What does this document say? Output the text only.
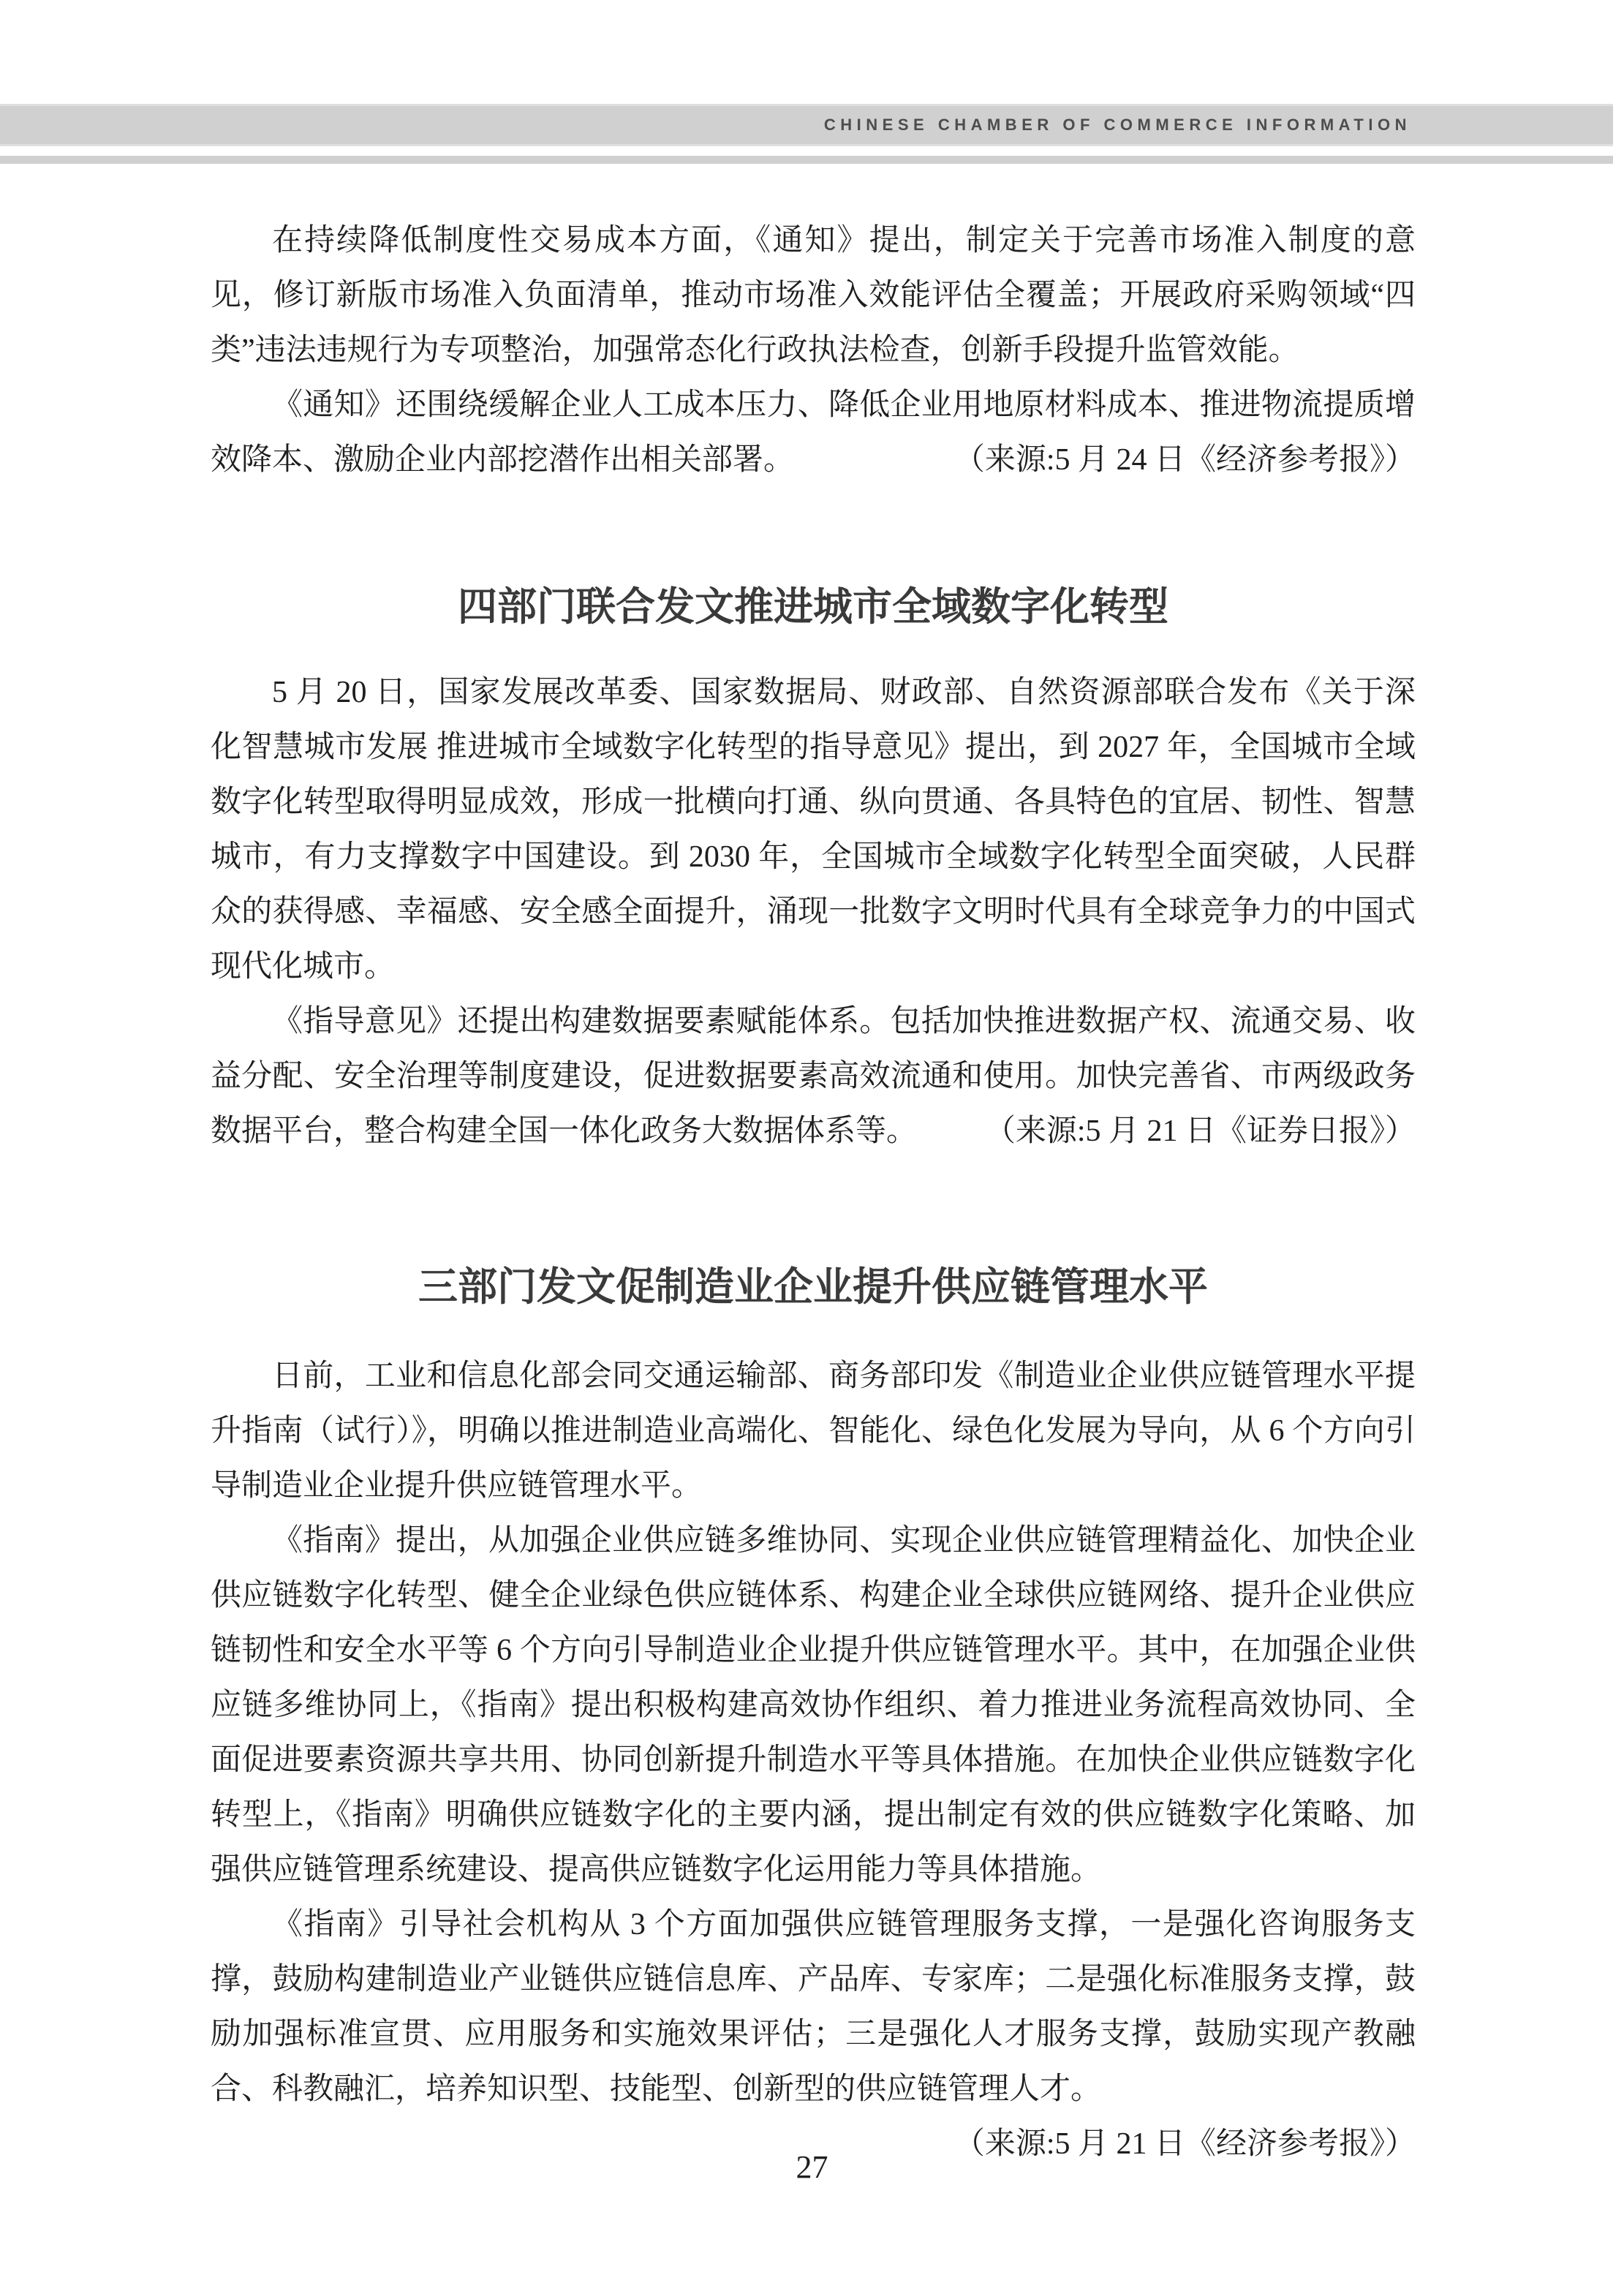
CHINESE CHAMBER OF COMMERCE INFORMATION

在持续降低制度性交易成本方面，《通知》提出，制定关于完善市场准入制度的意见，修订新版市场准入负面清单，推动市场准入效能评估全覆盖；开展政府采购领域“四类”违法违规行为专项整治，加强常态化行政执法检查，创新手段提升监管效能。

《通知》还围绕缓解企业人工成本压力、降低企业用地原材料成本、推进物流提质增效降本、激励企业内部挖潜作出相关部署。	（来源:5 月 24 日《经济参考报》）

四部门联合发文推进城市全域数字化转型

5 月 20 日，国家发展改革委、国家数据局、财政部、自然资源部联合发布《关于深化智慧城市发展 推进城市全域数字化转型的指导意见》提出，到 2027 年，全国城市全域数字化转型取得明显成效，形成一批横向打通、纵向贯通、各具特色的宜居、韧性、智慧城市，有力支撑数字中国建设。到 2030 年，全国城市全域数字化转型全面突破，人民群众的获得感、幸福感、安全感全面提升，涌现一批数字文明时代具有全球竞争力的中国式现代化城市。

《指导意见》还提出构建数据要素赋能体系。包括加快推进数据产权、流通交易、收益分配、安全治理等制度建设，促进数据要素高效流通和使用。加快完善省、市两级政务数据平台，整合构建全国一体化政务大数据体系等。	（来源:5 月 21 日《证券日报》）

三部门发文促制造业企业提升供应链管理水平

日前，工业和信息化部会同交通运输部、商务部印发《制造业企业供应链管理水平提升指南（试行）》，明确以推进制造业高端化、智能化、绿色化发展为导向，从 6 个方向引导制造业企业提升供应链管理水平。

《指南》提出，从加强企业供应链多维协同、实现企业供应链管理精益化、加快企业供应链数字化转型、健全企业绿色供应链体系、构建企业全球供应链网络、提升企业供应链韧性和安全水平等 6 个方向引导制造业企业提升供应链管理水平。其中，在加强企业供应链多维协同上，《指南》提出积极构建高效协作组织、着力推进业务流程高效协同、全面促进要素资源共享共用、协同创新提升制造水平等具体措施。在加快企业供应链数字化转型上，《指南》明确供应链数字化的主要内涵，提出制定有效的供应链数字化策略、加强供应链管理系统建设、提高供应链数字化运用能力等具体措施。

《指南》引导社会机构从 3 个方面加强供应链管理服务支撑，一是强化咨询服务支撑，鼓励构建制造业产业链供应链信息库、产品库、专家库；二是强化标准服务支撑，鼓励加强标准宣贯、应用服务和实施效果评估；三是强化人才服务支撑，鼓励实现产教融合、科教融汇，培养知识型、技能型、创新型的供应链管理人才。
（来源:5 月 21 日《经济参考报》）

27
